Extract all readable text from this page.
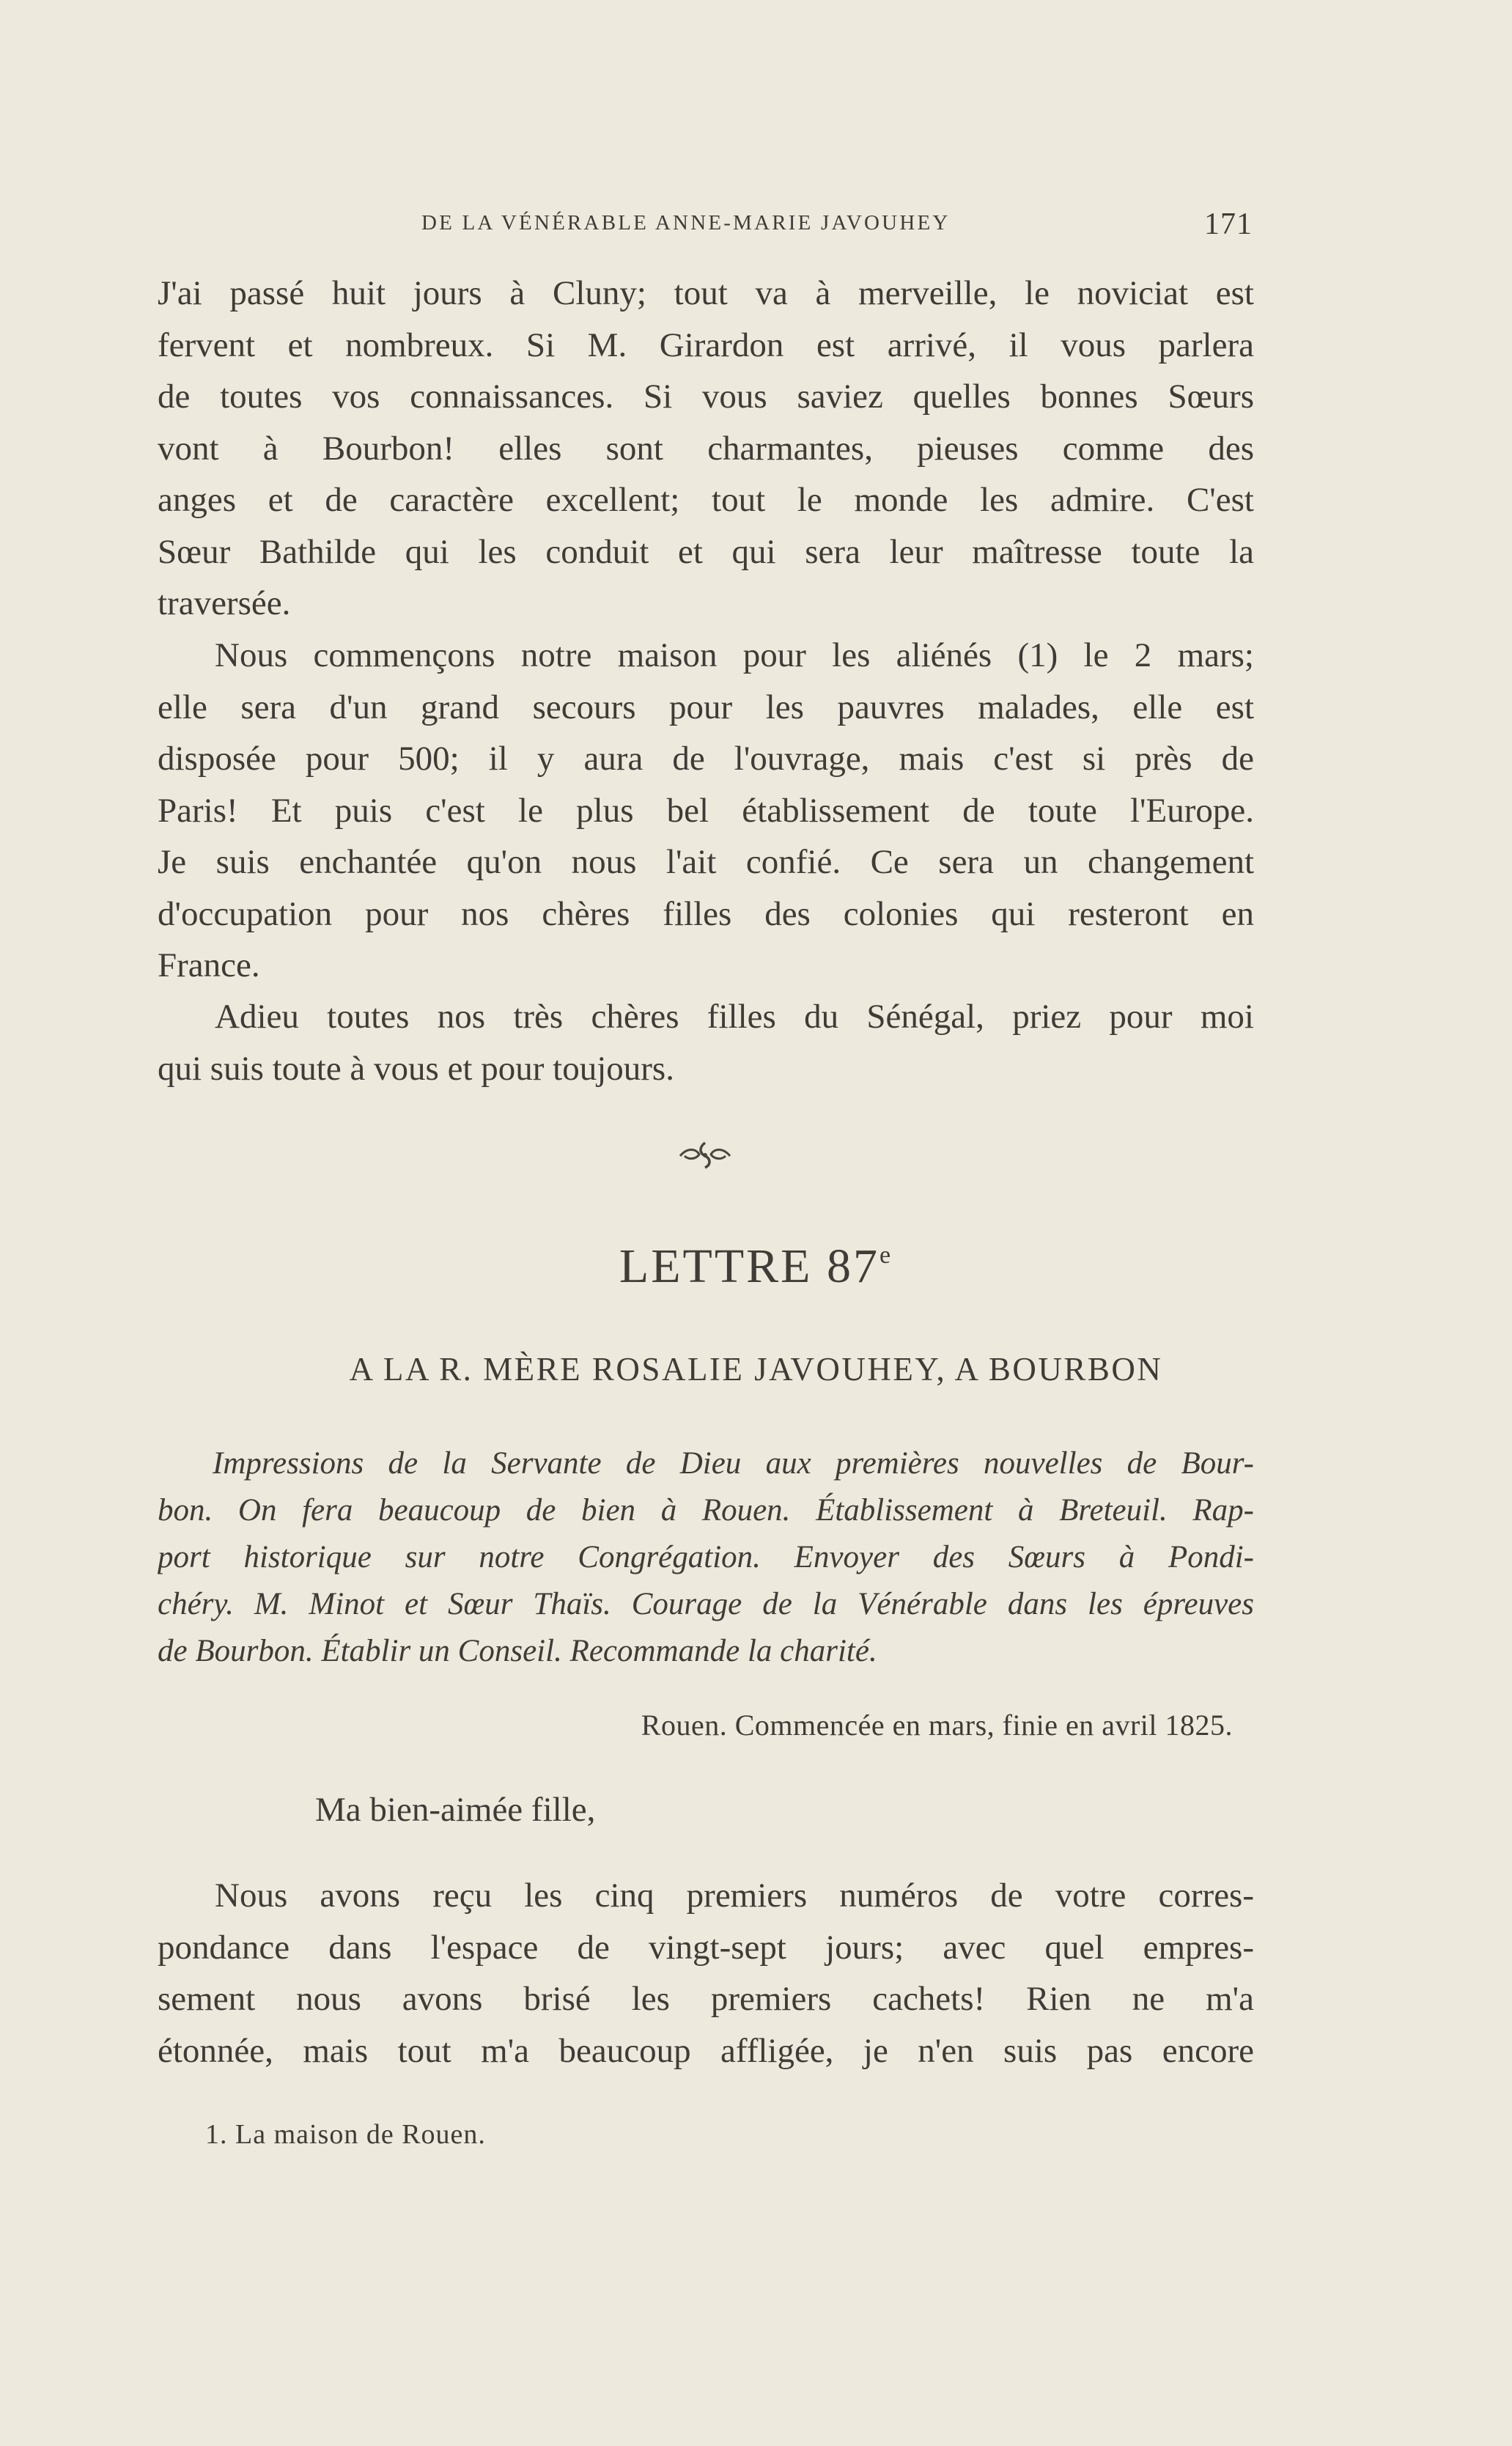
DE LA VÉNÉRABLE ANNE-MARIE JAVOUHEY	171

J'ai passé huit jours à Cluny; tout va à merveille, le noviciat est
fervent et nombreux. Si M. Girardon est arrivé, il vous parlera
de toutes vos connaissances. Si vous saviez quelles bonnes Sœurs
vont à Bourbon! elles sont charmantes, pieuses comme des
anges et de caractère excellent; tout le monde les admire. C'est
Sœur Bathilde qui les conduit et qui sera leur maîtresse toute la
traversée.

Nous commençons notre maison pour les aliénés (1) le 2 mars;
elle sera d'un grand secours pour les pauvres malades, elle est
disposée pour 500; il y aura de l'ouvrage, mais c'est si près de
Paris! Et puis c'est le plus bel établissement de toute l'Europe.
Je suis enchantée qu'on nous l'ait confié. Ce sera un changement
d'occupation pour nos chères filles des colonies qui resteront en
France.

Adieu toutes nos très chères filles du Sénégal, priez pour moi
qui suis toute à vous et pour toujours.

LETTRE 87e
A LA R. MÈRE ROSALIE JAVOUHEY, A BOURBON
Impressions de la Servante de Dieu aux premières nouvelles de Bour-
bon. On fera beaucoup de bien à Rouen. Établissement à Breteuil. Rap-
port historique sur notre Congrégation. Envoyer des Sœurs à Pondi-
chéry. M. Minot et Sœur Thaïs. Courage de la Vénérable dans les épreuves
de Bourbon. Établir un Conseil. Recommande la charité.
Rouen. Commencée en mars, finie en avril 1825.
Ma bien-aimée fille,

Nous avons reçu les cinq premiers numéros de votre corres-
pondance dans l'espace de vingt-sept jours; avec quel empres-
sement nous avons brisé les premiers cachets! Rien ne m'a
étonnée, mais tout m'a beaucoup affligée, je n'en suis pas encore

1. La maison de Rouen.
